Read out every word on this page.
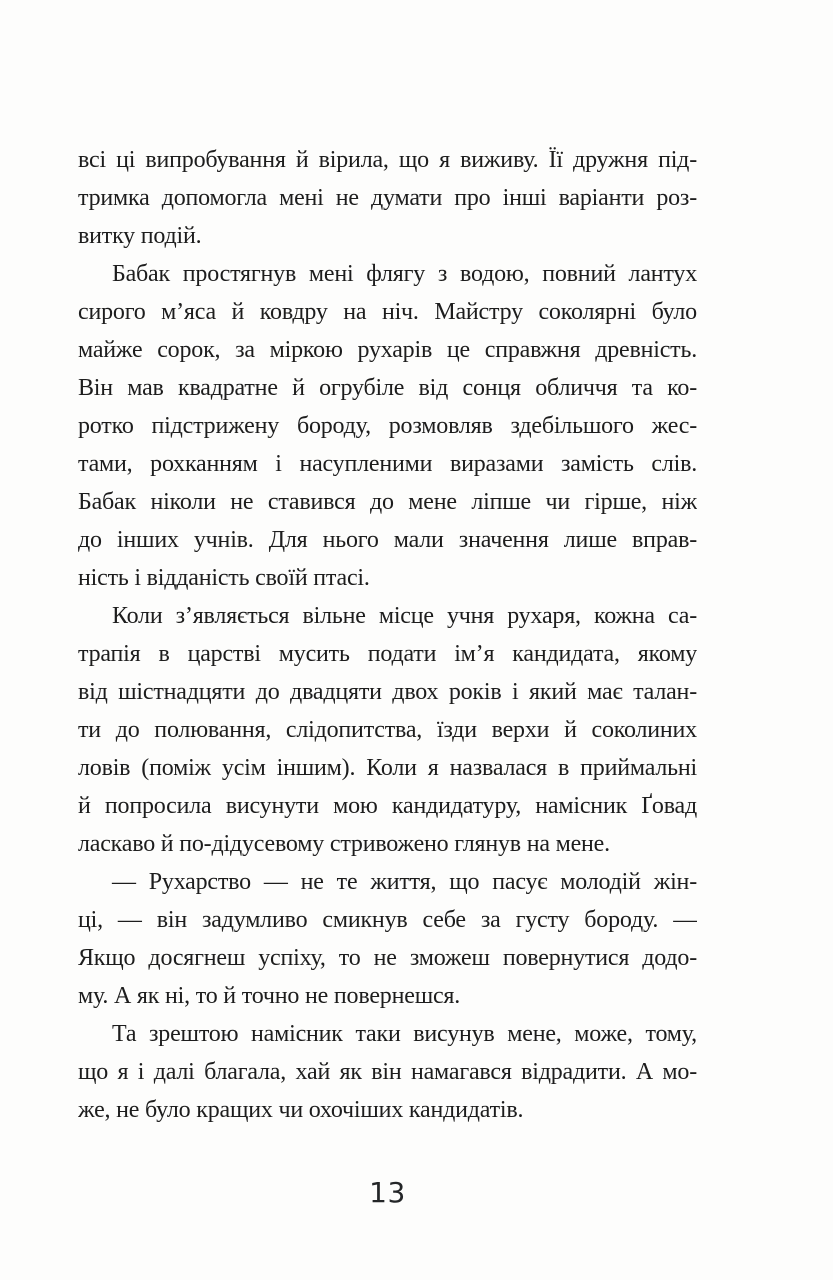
всі ці випробування й вірила, що я виживу. Її дружня під-
тримка допомогла мені не думати про інші варіанти роз-
витку подій.

Бабак простягнув мені флягу з водою, повний лантух
сирого м’яса й ковдру на ніч. Майстру соколярні було
майже сорок, за міркою рухарів це справжня древність.
Він мав квадратне й огрубіле від сонця обличчя та ко-
ротко підстрижену бороду, розмовляв здебільшого жес-
тами, рохканням і насупленими виразами замість слів.
Бабак ніколи не ставився до мене ліпше чи гірше, ніж
до інших учнів. Для нього мали значення лише вправ-
ність і відданість своїй птасі.

Коли з’являється вільне місце учня рухаря, кожна са-
трапія в царстві мусить подати ім’я кандидата, якому
від шістнадцяти до двадцяти двох років і який має талан-
ти до полювання, слідопитства, їзди верхи й соколиних
ловів (поміж усім іншим). Коли я назвалася в приймальні
й попросила висунути мою кандидатуру, намісник Ґовад
ласкаво й по-дідусевому стривожено глянув на мене.

— Рухарство — не те життя, що пасує молодій жін-
ці, — він задумливо смикнув себе за густу бороду. —
Якщо досягнеш успіху, то не зможеш повернутися додо-
му. А як ні, то й точно не повернешся.

Та зрештою намісник таки висунув мене, може, тому,
що я і далі благала, хай як він намагався відрадити. А мо-
же, не було кращих чи охочіших кандидатів.

13
